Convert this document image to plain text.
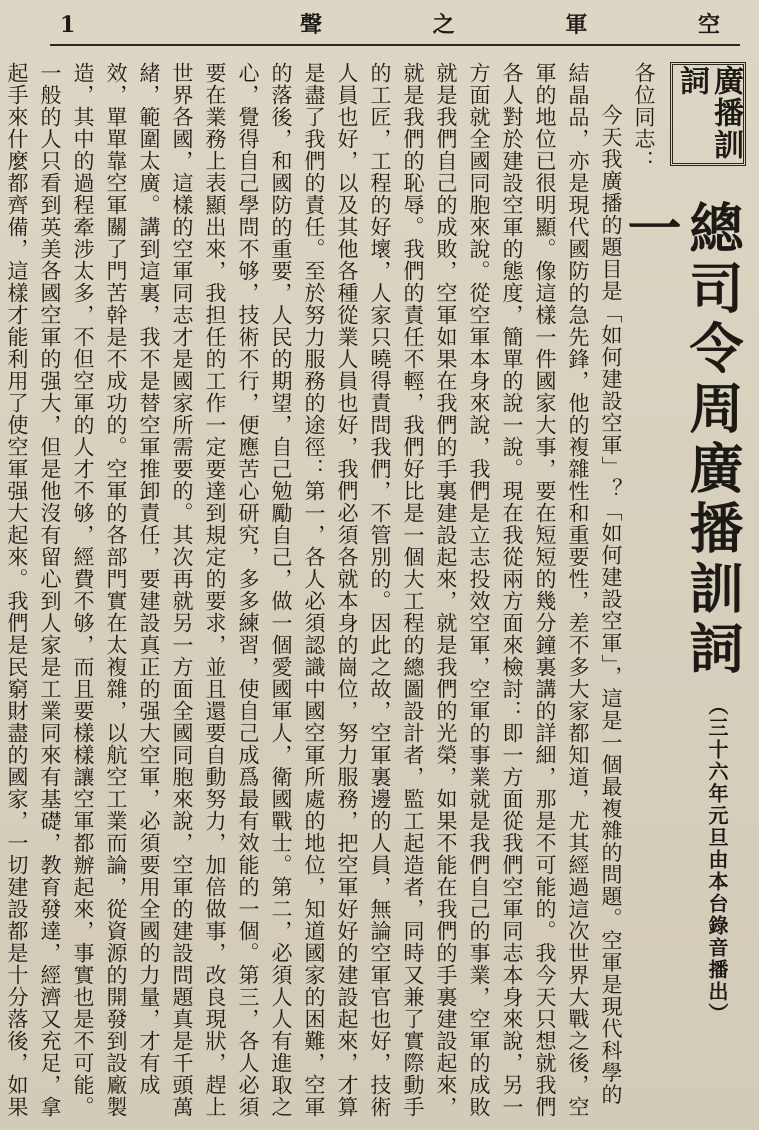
1	聲	之	軍	空
廣播訓詞
總司令周廣播訓詞一
（三十六年元旦由本台錄音播出）

各位同志：

今天我廣播的題目是「如何建設空軍」？「如何建設空軍」，這是一個最複雜的問題。空軍是現代科學的結晶品，亦是現代國防的急先鋒，他的複雜性和重要性，差不多大家都知道，尤其經過這次世界大戰之後，空軍的地位已很明顯。像這樣一件國家大事，要在短短的幾分鐘裏講的詳細，那是不可能的。我今天只想就我們各人對於建設空軍的態度，簡單的說一說。現在我從兩方面來檢討：即一方面從我們空軍同志本身來說，另一方面就全國同胞來說。從空軍本身來說，我們是立志投效空軍，空軍的事業就是我們自己的事業，空軍的成敗就是我們自己的成敗，空軍如果在我們的手裏建設起來，就是我們的光榮，如果不能在我們的手裏建設起來，就是我們的恥辱。我們的責任不輕，我們好比是一個大工程的總圖設計者，監工起造者，同時又兼了實際動手的工匠，工程的好壞，人家只曉得責問我們，不管別的。因此之故，空軍裏邊的人員，無論空軍官也好，技術人員也好，以及其他各種從業人員也好，我們必須各就本身的崗位，努力服務，把空軍好好的建設起來，才算是盡了我們的責任。至於努力服務的途徑：第一，各人必須認識中國空軍所處的地位，知道國家的困難，空軍的落後，和國防的重要，人民的期望，自己勉勵自己，做一個愛國軍人，衛國戰士。第二，必須人人有進取之心，覺得自己學問不够，技術不行，便應苦心研究，多多練習，使自己成爲最有效能的一個。第三，各人必須要在業務上表顯出來，我担任的工作一定要達到規定的要求，並且還要自動努力，加倍做事，改良現狀，趕上世界各國，這樣的空軍同志才是國家所需要的。其次再就另一方面全國同胞來說，空軍的建設問題真是千頭萬緒，範圍太廣。講到這裏，我不是替空軍推卸責任，要建設真正的强大空軍，必須要用全國的力量，才有成效，單單靠空軍關了門苦幹是不成功的。空軍的各部門實在太複雜，以航空工業而論，從資源的開發到設廠製造，其中的過程牽涉太多，不但空軍的人才不够，經費不够，而且要樣樣讓空軍都辦起來，事實也是不可能。一般的人只看到英美各國空軍的强大，但是他沒有留心到人家是工業同來有基礎，教育發達，經濟又充足，拿起手來什麼都齊備，這樣才能利用了使空軍强大起來。我們是民窮財盡的國家，一切建設都是十分落後，如果
